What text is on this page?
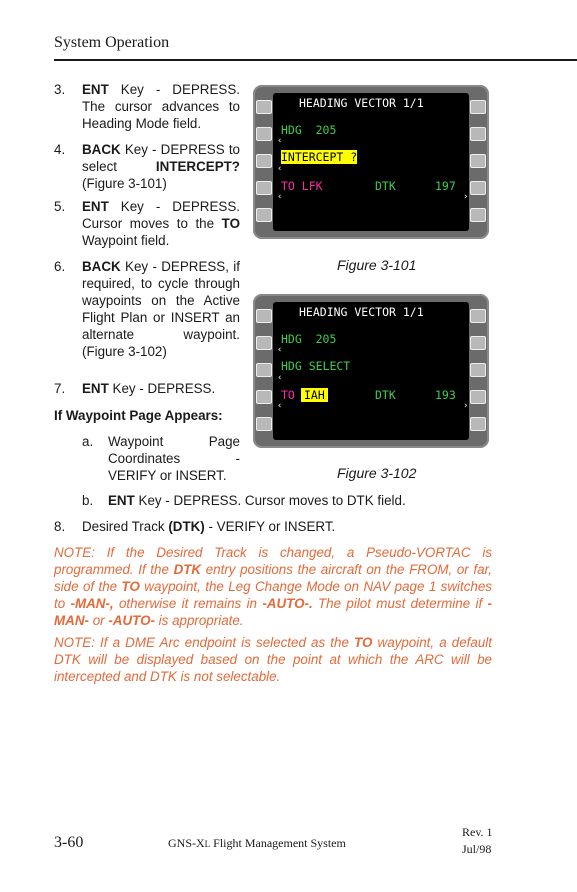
System Operation
3. ENT Key - DEPRESS. The cursor advances to Heading Mode field.
4. BACK Key - DEPRESS to select INTERCEPT? (Figure 3-101)
5. ENT Key - DEPRESS. Cursor moves to the TO Waypoint field.
6. BACK Key - DEPRESS, if required, to cycle through waypoints on the Active Flight Plan or INSERT an alternate waypoint. (Figure 3-102)
7. ENT Key - DEPRESS.
If Waypoint Page Appears:
a. Waypoint Page Coordinates - VERIFY or INSERT.
b. ENT Key - DEPRESS. Cursor moves to DTK field.
8. Desired Track (DTK) - VERIFY or INSERT.
HEADING VECTOR 1/1
‹
HDG  205
‹
INTERCEPT ?
‹
TO LFK	DTK	197
›
Figure 3-101
HEADING VECTOR 1/1
‹
HDG  205
‹
HDG SELECT
‹
TO IAH	DTK	193
›
Figure 3-102
NOTE: If the Desired Track is changed, a Pseudo-VORTAC is programmed. If the DTK entry positions the aircraft on the FROM, or far, side of the TO waypoint, the Leg Change Mode on NAV page 1 switches to -MAN-, otherwise it remains in -AUTO-. The pilot must determine if -MAN- or -AUTO- is appropriate.
NOTE: If a DME Arc endpoint is selected as the TO waypoint, a default DTK will be displayed based on the point at which the ARC will be intercepted and DTK is not selectable.
3-60	GNS-XL Flight Management System
Rev. 1
Jul/98
